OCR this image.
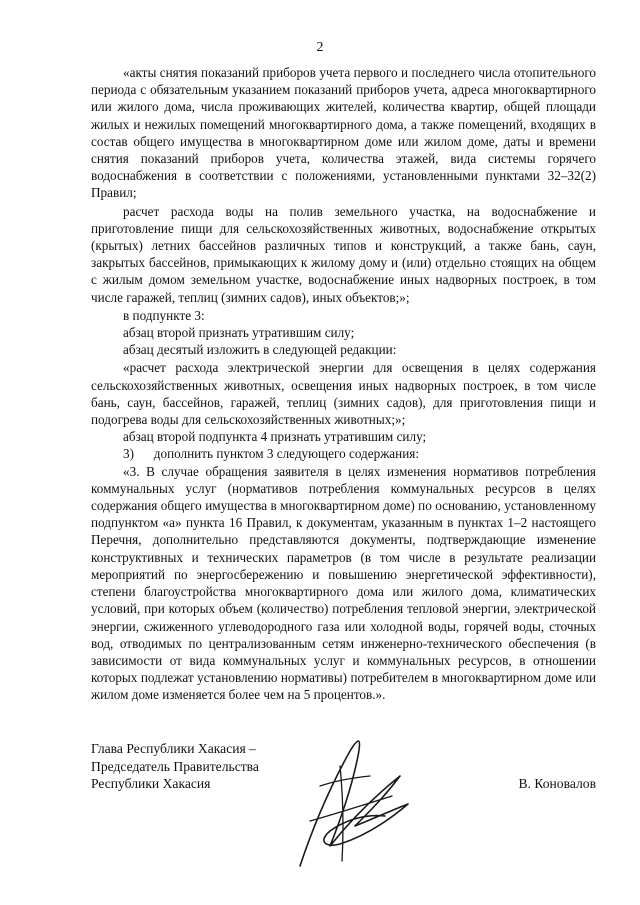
2

«акты снятия показаний приборов учета первого и последнего числа отопительного периода с обязательным указанием показаний приборов учета, адреса многоквартирного или жилого дома, числа проживающих жителей, количества квартир, общей площади жилых и нежилых помещений многоквартирного дома, а также помещений, входящих в состав общего имущества в многоквартирном доме или жилом доме, даты и времени снятия показаний приборов учета, количества этажей, вида системы горячего водоснабжения в соответствии с положениями, установленными пунктами 32–32(2) Правил;

расчет расхода воды на полив земельного участка, на водоснабжение и приготовление пищи для сельскохозяйственных животных, водоснабжение открытых (крытых) летних бассейнов различных типов и конструкций, а также бань, саун, закрытых бассейнов, примыкающих к жилому дому и (или) отдельно стоящих на общем с жилым домом земельном участке, водоснабжение иных надворных построек, в том числе гаражей, теплиц (зимних садов), иных объектов;»;

в подпункте 3:

абзац второй признать утратившим силу;

абзац десятый изложить в следующей редакции:

«расчет расхода электрической энергии для освещения в целях содержания сельскохозяйственных животных, освещения иных надворных построек, в том числе бань, саун, бассейнов, гаражей, теплиц (зимних садов), для приготовления пищи и подогрева воды для сельскохозяйственных животных;»;

абзац второй подпункта 4 признать утратившим силу;

3)      дополнить пунктом 3 следующего содержания:

«3. В случае обращения заявителя в целях изменения нормативов потребления коммунальных услуг (нормативов потребления коммунальных ресурсов в целях содержания общего имущества в многоквартирном доме) по основанию, установленному подпунктом «а» пункта 16 Правил, к документам, указанным в пунктах 1–2 настоящего Перечня, дополнительно представляются документы, подтверждающие изменение конструктивных и технических параметров (в том числе в результате реализации мероприятий по энергосбережению и повышению энергетической эффективности), степени благоустройства многоквартирного дома или жилого дома, климатических условий, при которых объем (количество) потребления тепловой энергии, электрической энергии, сжиженного углеводородного газа или холодной воды, горячей воды, сточных вод, отводимых по централизованным сетям инженерно-технического обеспечения (в зависимости от вида коммунальных услуг и коммунальных ресурсов, в отношении которых подлежат установлению нормативы) потребителем в многоквартирном доме или жилом доме изменяется более чем на 5 процентов.».

Глава Республики Хакасия –
Председатель Правительства
Республики Хакасия	В. Коновалов
